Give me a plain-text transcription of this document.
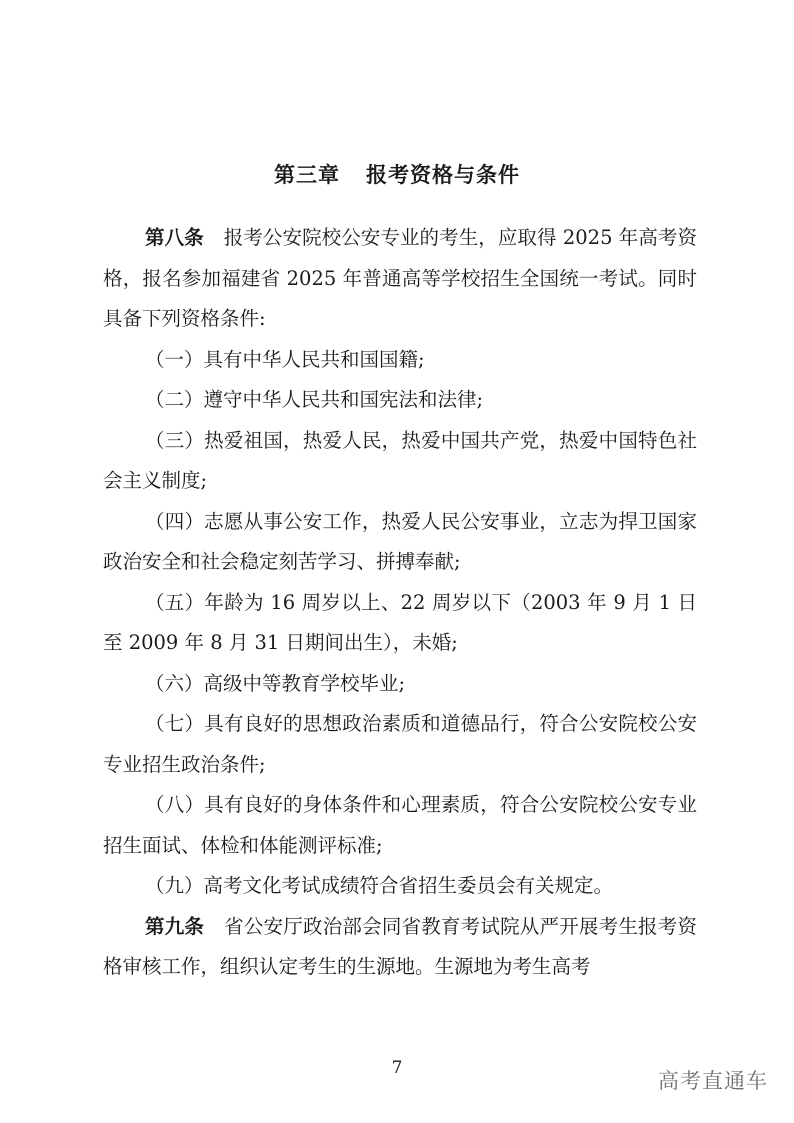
第三章 报考资格与条件

第八条 报考公安院校公安专业的考生，应取得 2025 年高考资格，报名参加福建省 2025 年普通高等学校招生全国统一考试。同时具备下列资格条件:

（一）具有中华人民共和国国籍;

（二）遵守中华人民共和国宪法和法律;

（三）热爱祖国，热爱人民，热爱中国共产党，热爱中国特色社会主义制度;

（四）志愿从事公安工作，热爱人民公安事业，立志为捍卫国家政治安全和社会稳定刻苦学习、拼搏奉献;

（五）年龄为 16 周岁以上、22 周岁以下（2003 年 9 月 1 日至 2009 年 8 月 31 日期间出生），未婚;

（六）高级中等教育学校毕业;

（七）具有良好的思想政治素质和道德品行，符合公安院校公安专业招生政治条件;

（八）具有良好的身体条件和心理素质，符合公安院校公安专业招生面试、体检和体能测评标准;

（九）高考文化考试成绩符合省招生委员会有关规定。

第九条 省公安厅政治部会同省教育考试院从严开展考生报考资格审核工作，组织认定考生的生源地。生源地为考生高考

7
高考直通车
